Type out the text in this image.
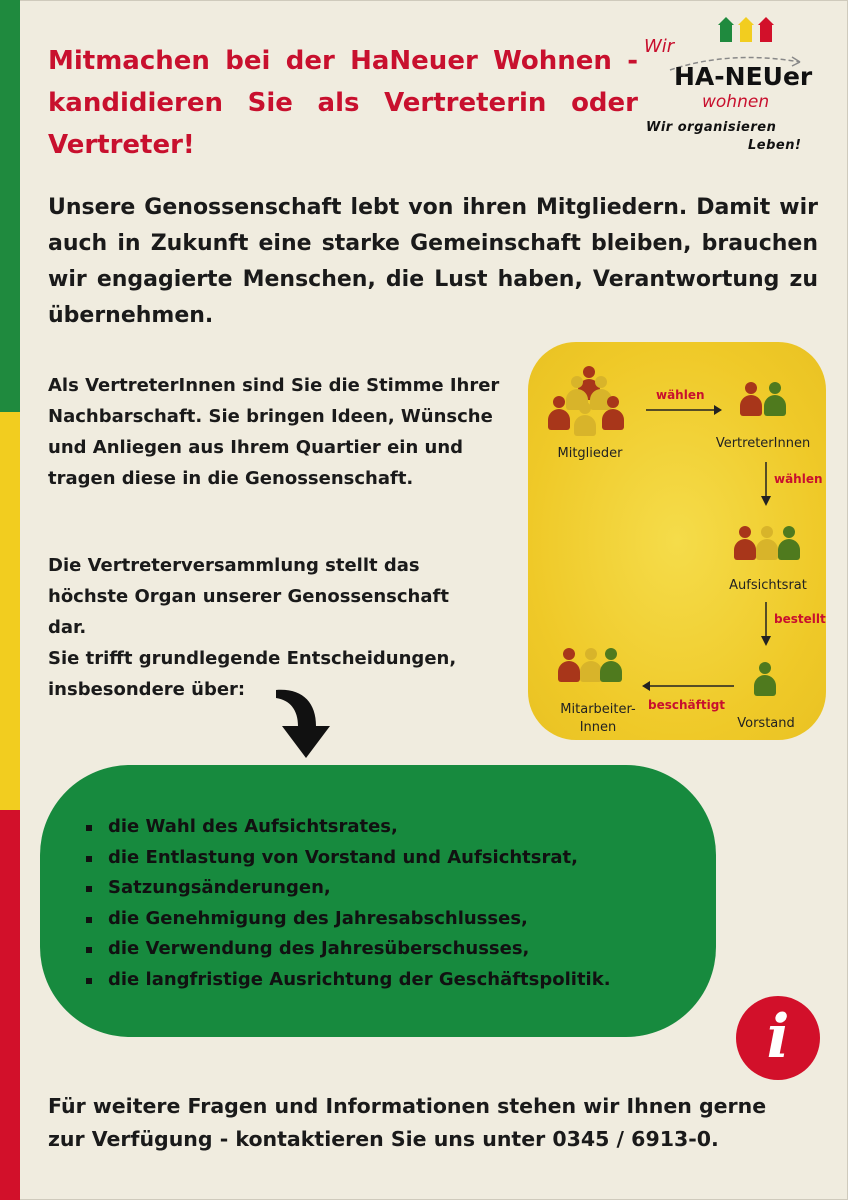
Mitmachen bei der HaNeuer Wohnen - kandidieren Sie als Vertreterin oder Vertreter!
Wir
HA-NEUer
wohnen
Wir organisieren
Leben!

Unsere Genossenschaft lebt von ihren Mitgliedern. Damit wir auch in Zukunft eine starke Gemeinschaft bleiben, brauchen wir engagierte Menschen, die Lust haben, Verantwortung zu übernehmen.

Als VertreterInnen sind Sie die Stimme Ihrer Nachbarschaft. Sie bringen Ideen, Wünsche und Anliegen aus Ihrem Quartier ein und tragen diese in die Genossenschaft.

Die Vertreterversammlung stellt das
höchste Organ unserer Genossenschaft
dar.
Sie trifft grundlegende Entscheidungen,
insbesondere über:
Mitglieder
wählen
VertreterInnen
wählen
Aufsichtsrat
bestellt
Vorstand
beschäftigt
Mitarbeiter-
Innen
die Wahl des Aufsichtsrates,
die Entlastung von Vorstand und Aufsichtsrat,
Satzungsänderungen,
die Genehmigung des Jahresabschlusses,
die Verwendung des Jahresüberschusses,
die langfristige Ausrichtung der Geschäftspolitik.
i
Für weitere Fragen und Informationen stehen wir Ihnen gerne
zur Verfügung - kontaktieren Sie uns unter 0345 / 6913-0.
